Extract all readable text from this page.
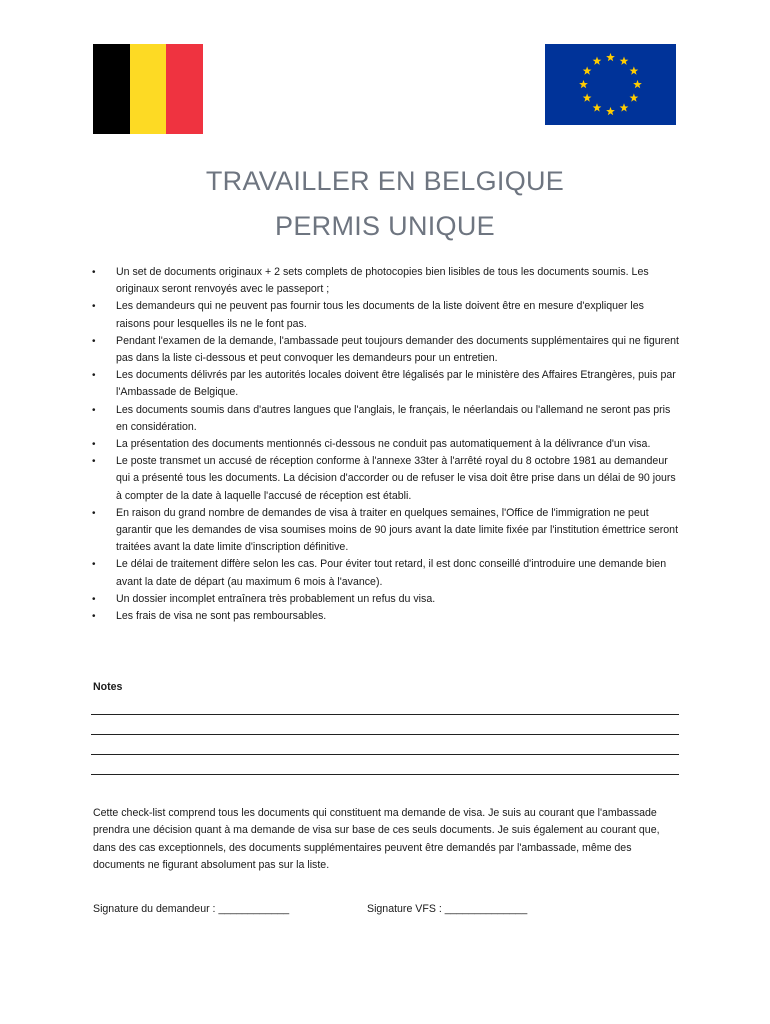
TRAVAILLER EN BELGIQUE
PERMIS UNIQUE
• Un set de documents originaux + 2 sets complets de photocopies bien lisibles de tous les documents soumis. Les originaux seront renvoyés avec le passeport ;
• Les demandeurs qui ne peuvent pas fournir tous les documents de la liste doivent être en mesure d'expliquer les raisons pour lesquelles ils ne le font pas.
• Pendant l'examen de la demande, l'ambassade peut toujours demander des documents supplémentaires qui ne figurent pas dans la liste ci-dessous et peut convoquer les demandeurs pour un entretien.
• Les documents délivrés par les autorités locales doivent être légalisés par le ministère des Affaires Etrangères, puis par l'Ambassade de Belgique.
• Les documents soumis dans d'autres langues que l'anglais, le français, le néerlandais ou l'allemand ne seront pas pris en considération.
• La présentation des documents mentionnés ci-dessous ne conduit pas automatiquement à la délivrance d'un visa.
• Le poste transmet un accusé de réception conforme à l'annexe 33ter à l'arrêté royal du 8 octobre 1981 au demandeur qui a présenté tous les documents. La décision d'accorder ou de refuser le visa doit être prise dans un délai de 90 jours à compter de la date à laquelle l'accusé de réception est établi.
• En raison du grand nombre de demandes de visa à traiter en quelques semaines, l'Office de l'immigration ne peut garantir que les demandes de visa soumises moins de 90 jours avant la date limite fixée par l'institution émettrice seront traitées avant la date limite d'inscription définitive.
• Le délai de traitement diffère selon les cas. Pour éviter tout retard, il est donc conseillé d'introduire une demande bien avant la date de départ (au maximum 6 mois à l'avance).
• Un dossier incomplet entraînera très probablement un refus du visa.
• Les frais de visa ne sont pas remboursables.
Notes
Cette check-list comprend tous les documents qui constituent ma demande de visa. Je suis au courant que l'ambassade prendra une décision quant à ma demande de visa sur base de ces seuls documents. Je suis également au courant que, dans des cas exceptionnels, des documents supplémentaires peuvent être demandés par l'ambassade, même des documents ne figurant absolument pas sur la liste.
Signature du demandeur : ____________	Signature VFS : ______________
